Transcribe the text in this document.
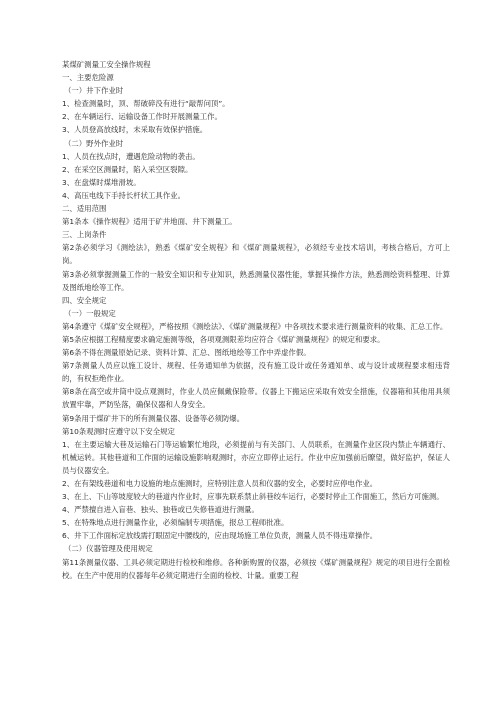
某煤矿测量工安全操作规程
一、主要危险源
（一）井下作业时
1、检查测量时，顶、帮破碎没有进行“敲帮问顶”。
2、在车辆运行、运输设备工作时开展测量工作。
3、人员登高放线时，未采取有效保护措施。
（二）野外作业时
1、人员在找点时，遭遇危险动物的袭击。
2、在采空区测量时，陷入采空区裂隙。
3、在盘煤时煤堆滑坡。
4、高压电线下手持长杆状工具作业。
二、适用范围
第1条本《操作规程》适用于矿井地面、井下测量工。
三、上岗条件
第2条必须学习《测绘法》，熟悉《煤矿安全规程》和《煤矿测量规程》，必须经专业技术培训，考核合格后，方可上岗。
第3条必须掌握测量工作的一般安全知识和专业知识，熟悉测量仪器性能，掌握其操作方法，熟悉测绘资料整理、计算及图纸地绘等工作。
四、安全规定
（一）一般规定
第4条遵守《煤矿安全规程》，严格按照《测绘法》、《煤矿测量规程》中各项技术要求进行测量资料的收集、汇总工作。
第5条应根据工程精度要求确定施测等级，各项观测限差均应符合《煤矿测量规程》的规定和要求。
第6条不得在测量原始记录、资料计算、汇总、图纸地绘等工作中弄虚作假。
第7条测量人员应以施工设计、规程、任务通知单为依据，没有施工设计或任务通知单、或与设计或规程要求相违背的，有权拒绝作业。
第8条在高空或井筒中设点观测时，作业人员应佩戴保险带。仪器上下搬运应采取有效安全措施，仪器箱和其他用具须放置牢靠，严防坠落，确保仪器和人身安全。
第9条用于煤矿井下的所有测量仪器、设备等必须防爆。
第10条观测时应遵守以下安全规定
1、在主要运输大巷及运输石门等运输繁忙地段，必须提前与有关部门、人员联系，在测量作业区段内禁止车辆通行、机械运转。其他巷道和工作面的运输设施影响观测时，亦应立即停止运行。作业中应加强前后瞭望，做好监护，保证人员与仪器安全。
2、在有架线巷道和电力设施的地点施测时，应特别注意人员和仪器的安全，必要时应停电作业。
3、在上、下山等坡度较大的巷道内作业时，应事先联系禁止斜巷绞车运行，必要时停止工作面施工，然后方可施测。
4、严禁擅自进入盲巷、独头、独巷或已失修巷道进行测量。
5、在特殊地点进行测量作业，必须编制专项措施，报总工程师批准。
6、井下工作面标定放线需打眼固定中腰线的，应由现场施工单位负责，测量人员不得违章操作。
（二）仪器管理及使用规定
第11条测量仪器、工具必须定期进行检校和维修。各种新购置的仪器，必须按《煤矿测量规程》规定的项目进行全面检校。在生产中使用的仪器每年必须定期进行全面的检校、计量。重要工程
